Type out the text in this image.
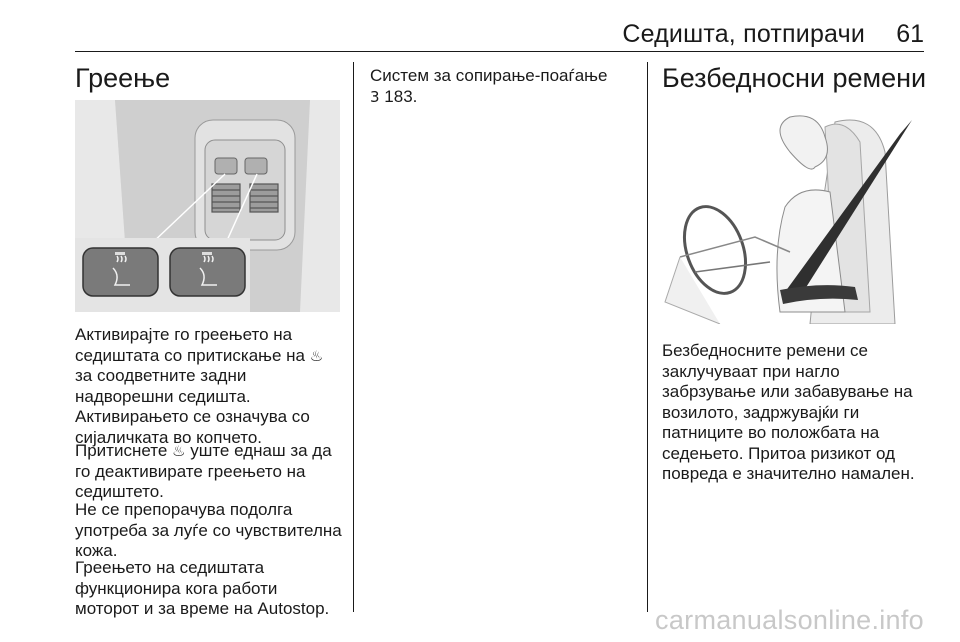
Седишта, потпирачи 61
Греење

Активирајте го греењето на седиштата со притискање на ♨ за соодветните задни надворешни седишта. Активирањето се означува со сијаличката во копчето.

Притиснете ♨ уште еднаш за да го деактивирате греењето на седиштето.

Не се препорачува подолга употреба за луѓе со чувствителна кожа.

Греењето на седиштата функционира кога работи моторот и за време на Autostop.

Систем за сопирање-поаѓање
3 183.

Безбедносни ремени

Безбедносните ремени се заклучуваат при нагло забрзување или забавување на возилото, задржувајќи ги патниците во положбата на седењето. Притоа ризикот од повреда е значително намален.

carmanualsonline.info
